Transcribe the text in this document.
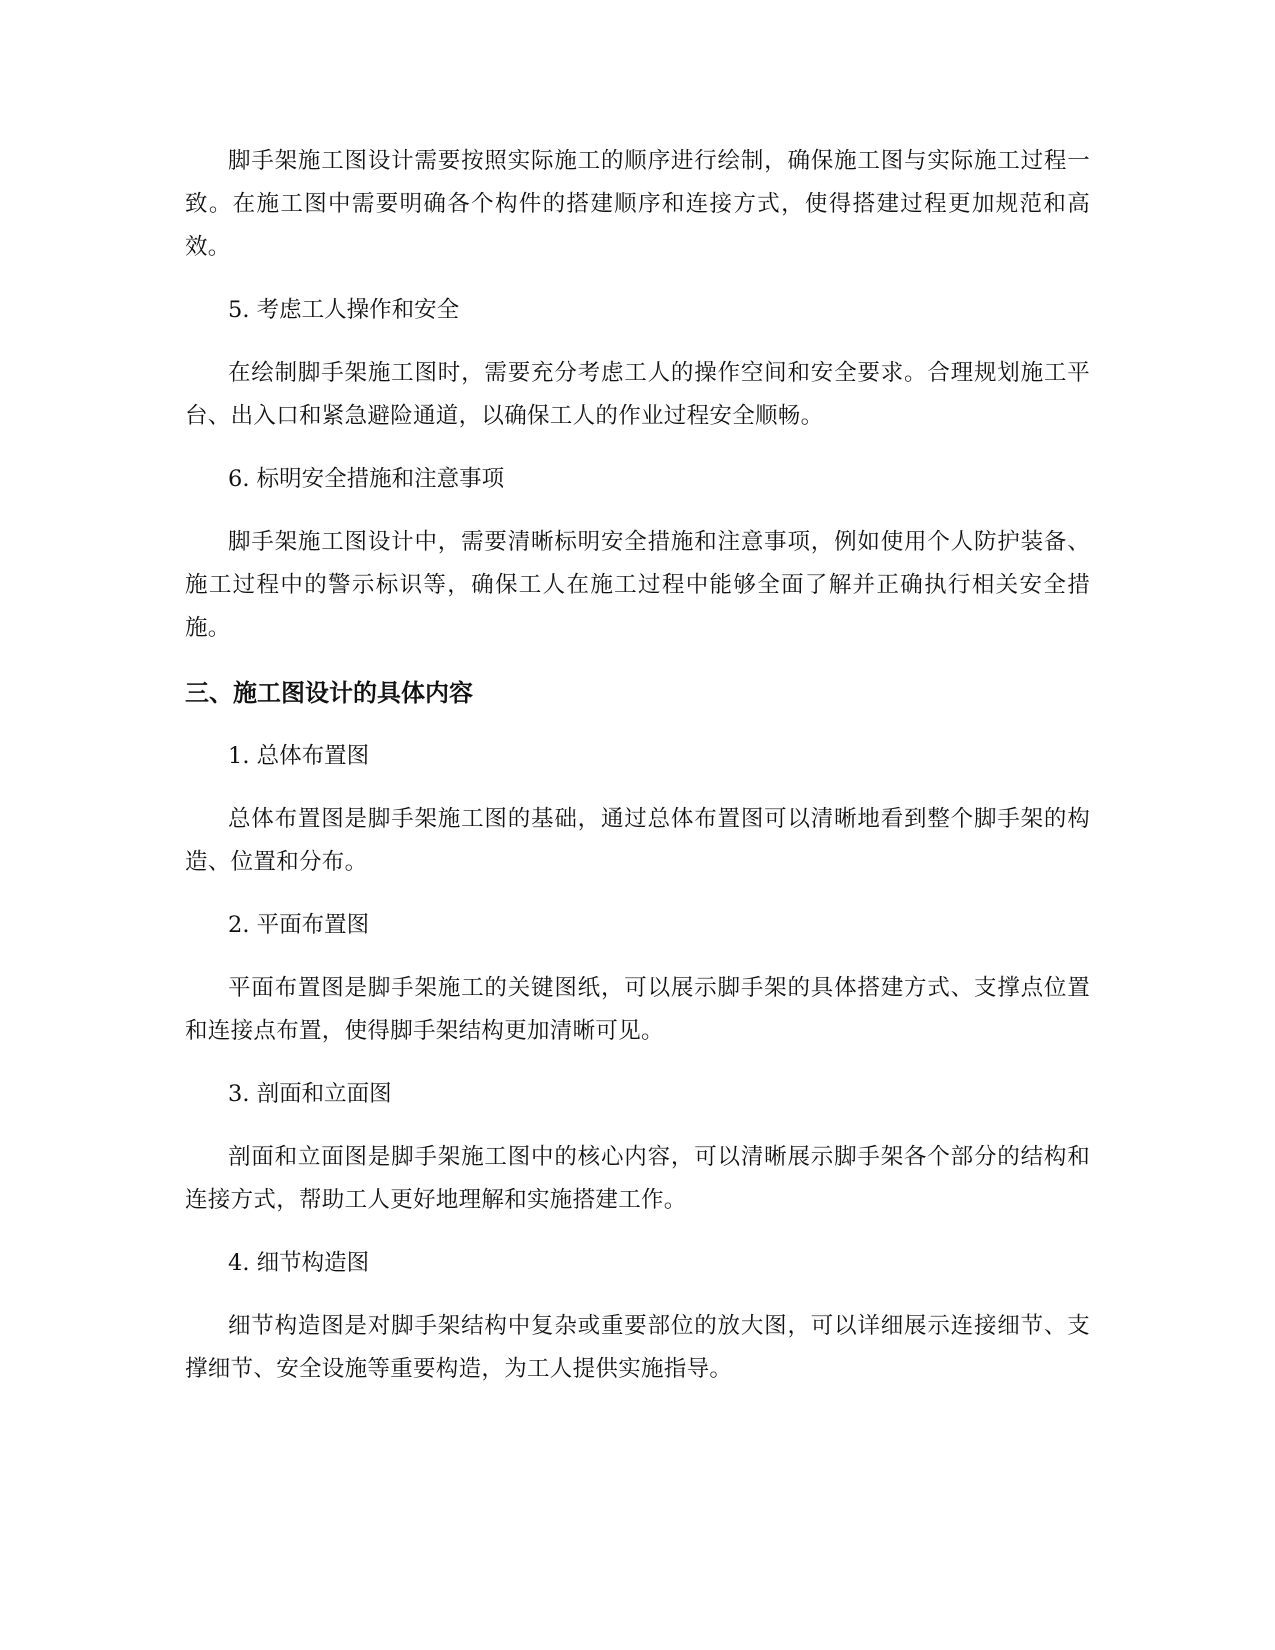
脚手架施工图设计需要按照实际施工的顺序进行绘制，确保施工图与实际施工过程一致。在施工图中需要明确各个构件的搭建顺序和连接方式，使得搭建过程更加规范和高效。

5. 考虑工人操作和安全

在绘制脚手架施工图时，需要充分考虑工人的操作空间和安全要求。合理规划施工平台、出入口和紧急避险通道，以确保工人的作业过程安全顺畅。

6. 标明安全措施和注意事项

脚手架施工图设计中，需要清晰标明安全措施和注意事项，例如使用个人防护装备、施工过程中的警示标识等，确保工人在施工过程中能够全面了解并正确执行相关安全措施。

三、施工图设计的具体内容

1. 总体布置图

总体布置图是脚手架施工图的基础，通过总体布置图可以清晰地看到整个脚手架的构造、位置和分布。

2. 平面布置图

平面布置图是脚手架施工的关键图纸，可以展示脚手架的具体搭建方式、支撑点位置和连接点布置，使得脚手架结构更加清晰可见。

3. 剖面和立面图

剖面和立面图是脚手架施工图中的核心内容，可以清晰展示脚手架各个部分的结构和连接方式，帮助工人更好地理解和实施搭建工作。

4. 细节构造图

细节构造图是对脚手架结构中复杂或重要部位的放大图，可以详细展示连接细节、支撑细节、安全设施等重要构造，为工人提供实施指导。
